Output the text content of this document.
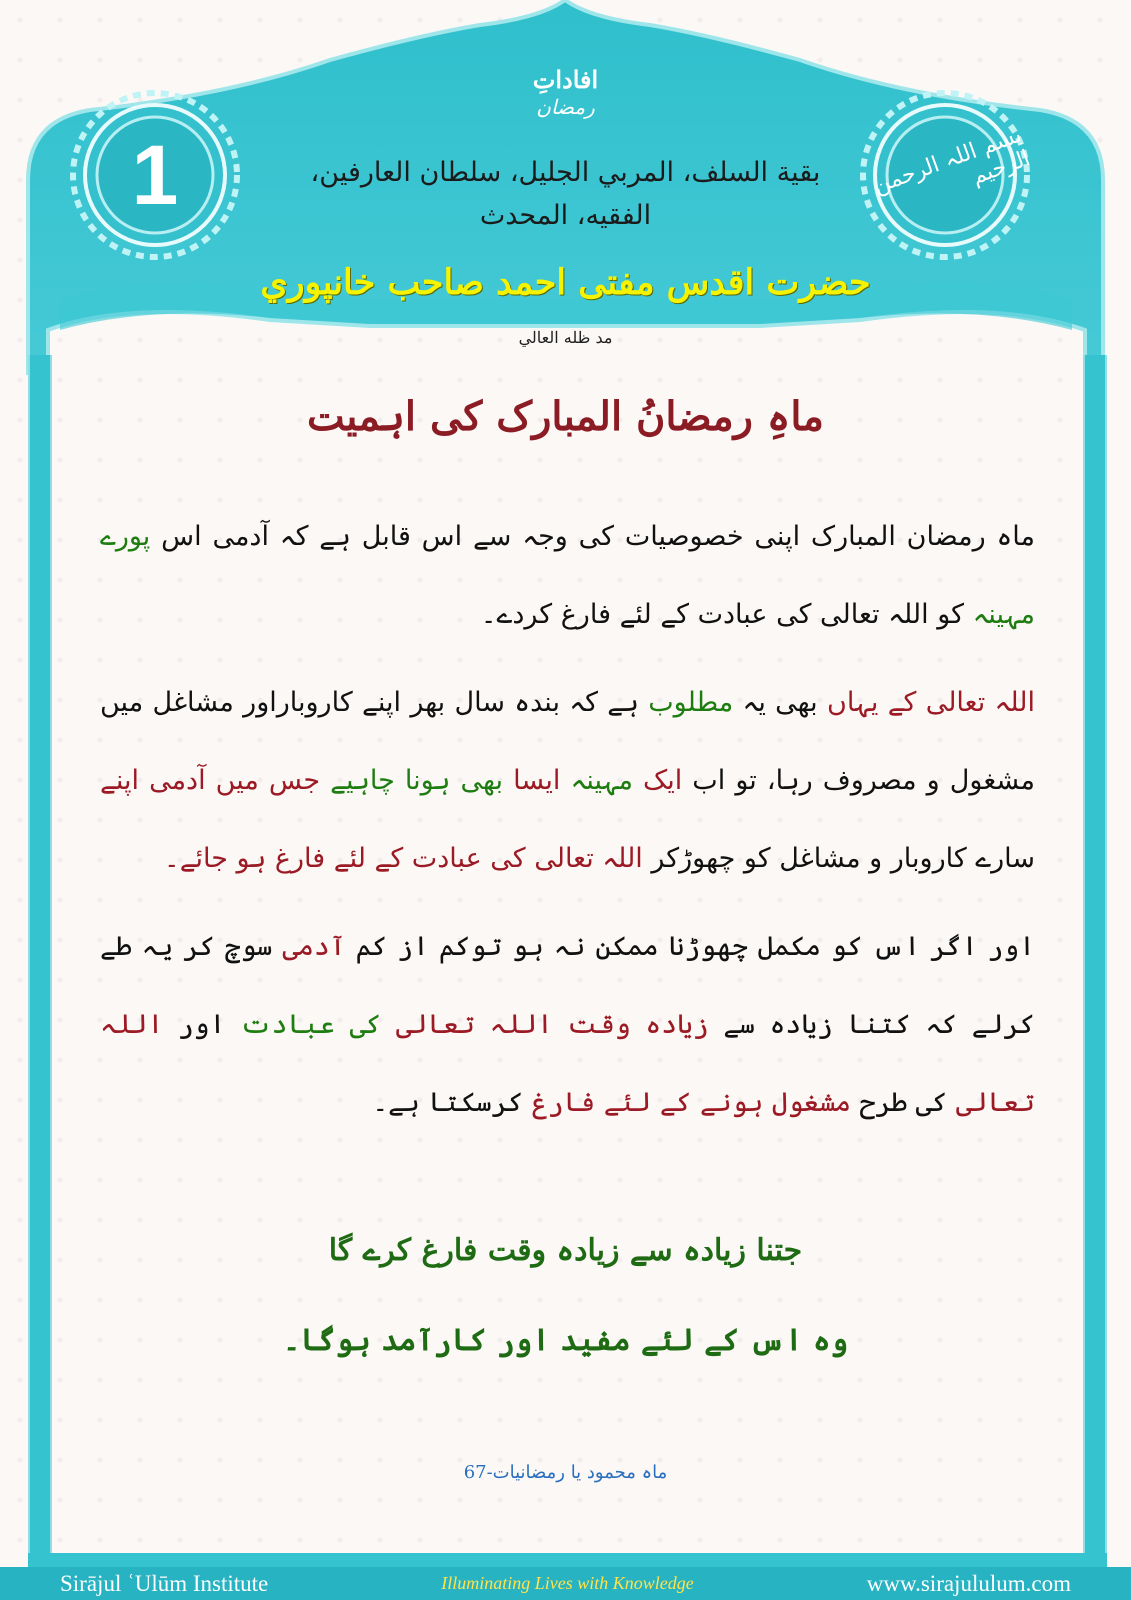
1	بسم اللہ الرحمن الرحیم
افاداتِ
رمضان
بقية السلف، المربي الجليل، سلطان العارفين،
الفقيه، المحدث
حضرت اقدس مفتی احمد صاحب خانپوري
مد ظله العالي
ماہِ رمضانُ المبارک کی اہمیت
ماہ رمضان المبارک اپنی خصوصیات کی وجہ سے اس قابل ہے کہ آدمی اس پورے مہینہ کو اللہ تعالی کی عبادت کے لئے فارغ کردے۔
اللہ تعالی کے یہاں بھی یہ مطلوب ہے کہ بندہ سال بھر اپنے کاروباراور مشاغل میں مشغول و مصروف رہا، تو اب ایک مہینہ ایسا بھی ہونا چاہیے جس میں آدمی اپنے سارے کاروبار و مشاغل کو چھوڑکر اللہ تعالی کی عبادت کے لئے فارغ ہو جائے۔
اور اگر اس کو مکمل چھوڑنا ممکن نہ ہو توکم از کم آدمی سوچ کر یہ طے کرلے کہ کتنا زیادہ سے زیادہ وقت اللہ تعالی کی عبادت اور اللہ تعالی کی طرح مشغول ہونے کے لئے فارغ کرسکتا ہے۔
جتنا زیادہ سے زیادہ وقت فارغ کرے گا
وہ اس کے لئے مفید اور کارآمد ہوگا۔
ماہ محمود یا رمضانیات-67
Sirājul ʿUlūm Institute	Illuminating Lives with Knowledge	www.sirajululum.com
